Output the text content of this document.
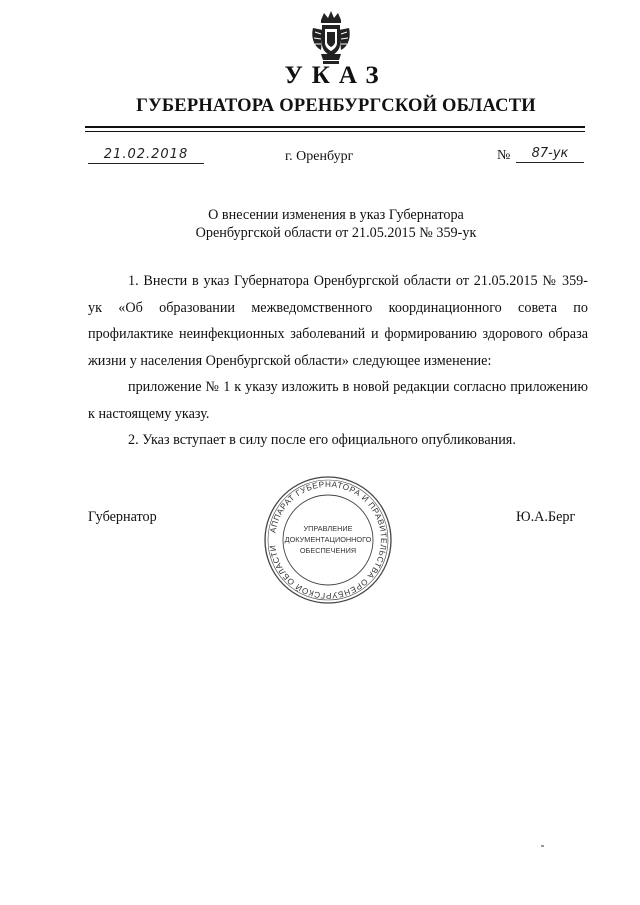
УКАЗ
ГУБЕРНАТОРА ОРЕНБУРГСКОЙ ОБЛАСТИ
21.02.2018	г. Оренбург	№	87-ук
О внесении изменения в указ Губернатора
Оренбургской области от 21.05.2015 № 359-ук

1. Внести в указ Губернатора Оренбургской области от 21.05.2015 № 359-ук «Об образовании межведомственного координационного совета по профилактике неинфекционных заболеваний и формированию здорового образа жизни у населения Оренбургской области» следующее изменение:

приложение № 1 к указу изложить в новой редакции согласно приложению к настоящему указу.

2. Указ вступает в силу после его официального опубликования.

Губернатор	Ю.А.Берг
АППАРАТ ГУБЕРНАТОРА И ПРАВИТЕЛЬСТВА ОРЕНБУРГСКОЙ ОБЛАСТИ
УПРАВЛЕНИЕ
ДОКУМЕНТАЦИОННОГО
ОБЕСПЕЧЕНИЯ
